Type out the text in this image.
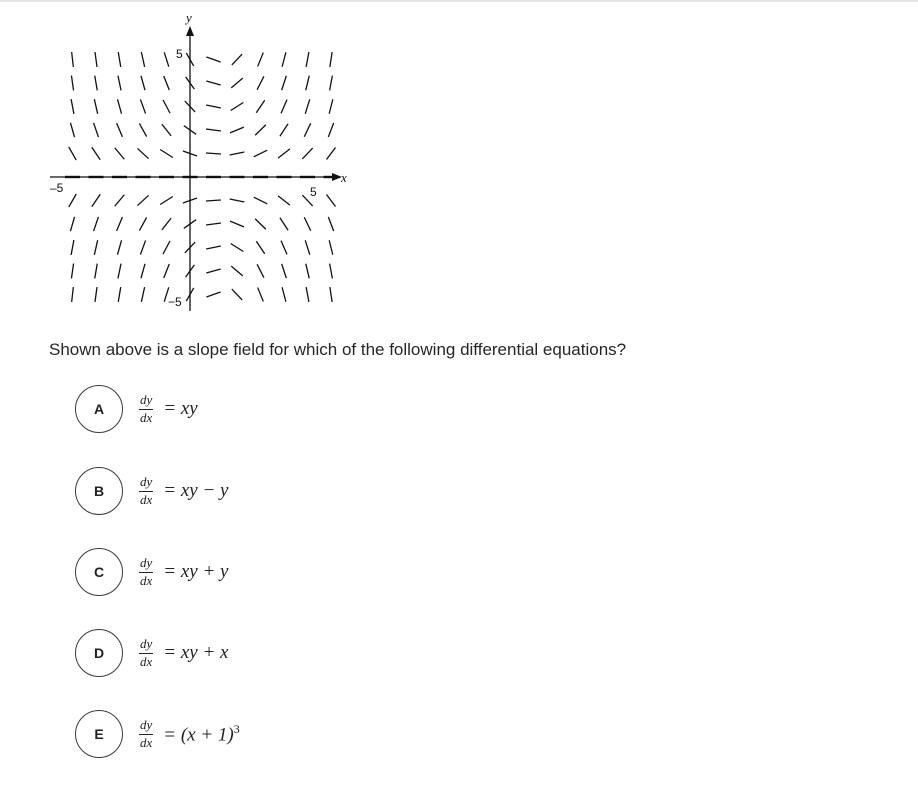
x
y
–5	5
5
−5

Shown above is a slope field for which of the following differential equations?

A	$\frac{dy}{dx}$ = xy
B	$\frac{dy}{dx}$ = xy − y
C	$\frac{dy}{dx}$ = xy + y
D	$\frac{dy}{dx}$ = xy + x
E	$\frac{dy}{dx} = (x + 1)^3$
